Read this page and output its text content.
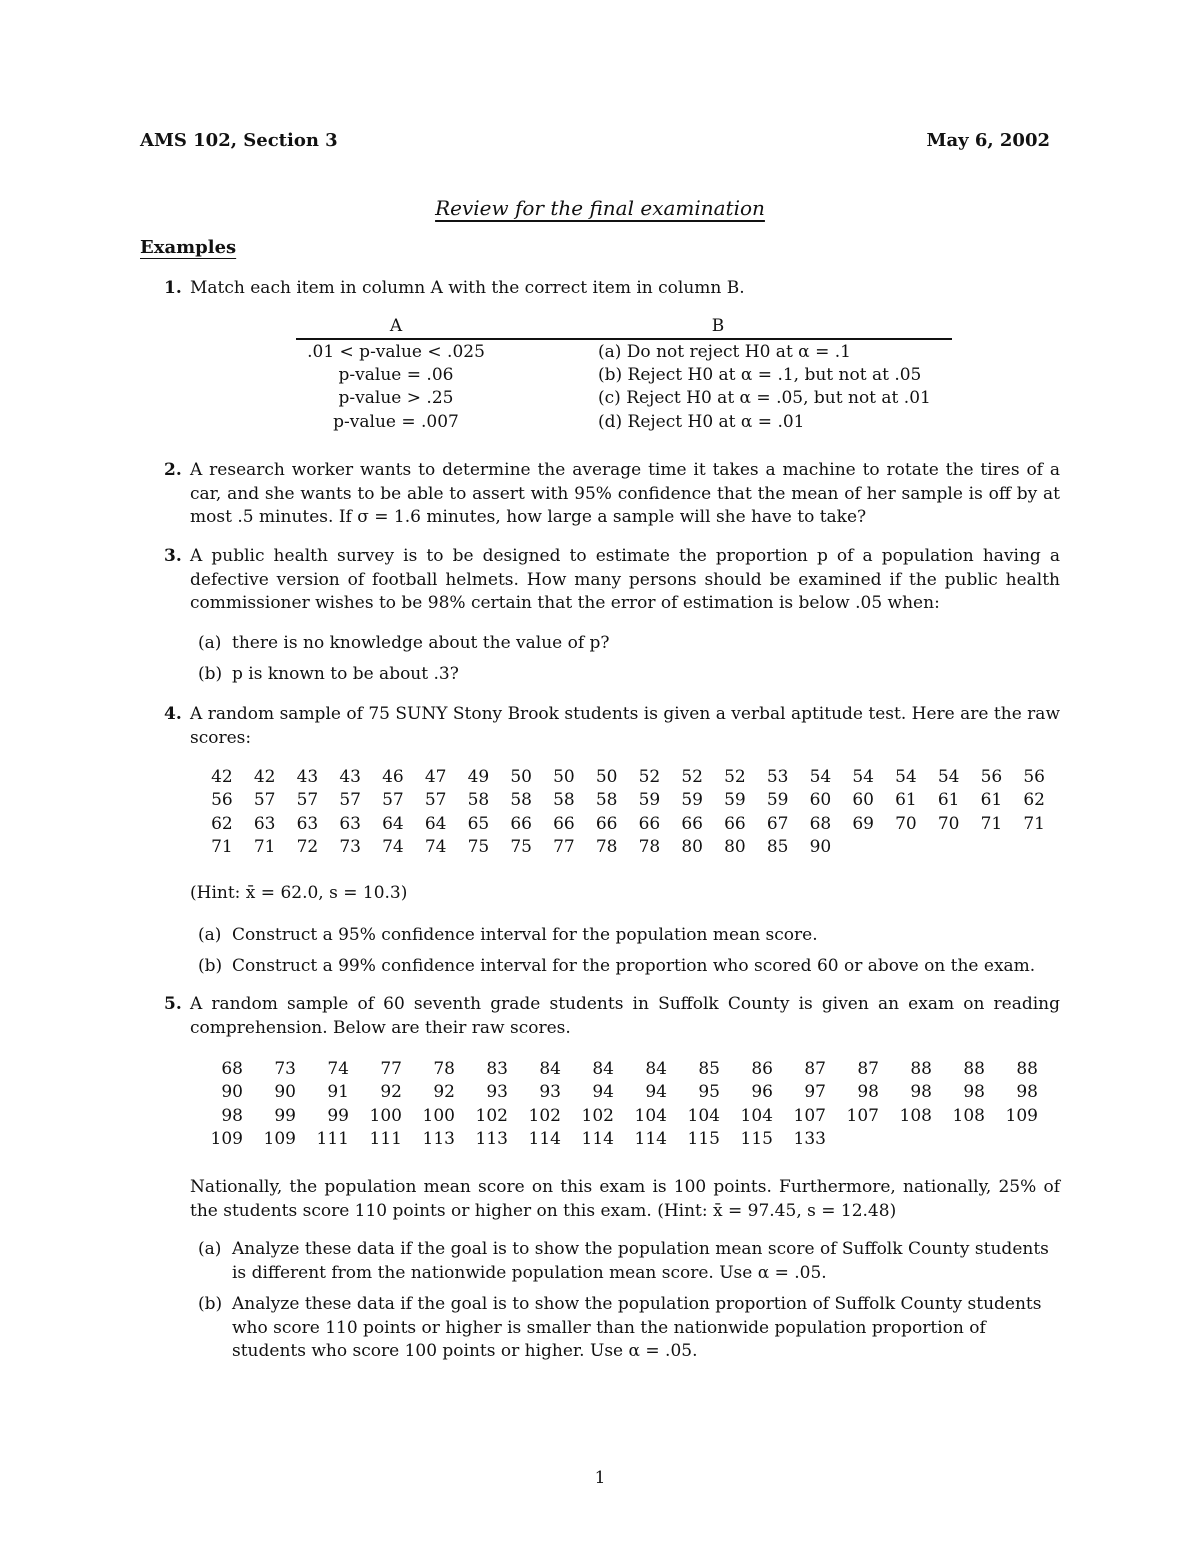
AMS 102, Section 3	May 6, 2002
Review for the final examination
Examples
1. Match each item in column A with the correct item in column B.
A	B
.01 < p-value < .025	(a) Do not reject H0 at α = .1
p-value = .06	(b) Reject H0 at α = .1, but not at .05
p-value > .25	(c) Reject H0 at α = .05, but not at .01
p-value = .007	(d) Reject H0 at α = .01
2. A research worker wants to determine the average time it takes a machine to rotate the tires of a car, and she wants to be able to assert with 95% confidence that the mean of her sample is off by at most .5 minutes. If σ = 1.6 minutes, how large a sample will she have to take?
3. A public health survey is to be designed to estimate the proportion p of a population having a defective version of football helmets. How many persons should be examined if the public health commissioner wishes to be 98% certain that the error of estimation is below .05 when:
(a) there is no knowledge about the value of p?
(b) p is known to be about .3?
4. A random sample of 75 SUNY Stony Brook students is given a verbal aptitude test. Here are the raw scores:
42	42	43	43	46	47	49	50	50	50	52	52	52	53	54	54	54	54	56	56
56	57	57	57	57	57	58	58	58	58	59	59	59	59	60	60	61	61	61	62
62	63	63	63	64	64	65	66	66	66	66	66	66	67	68	69	70	70	71	71
71	71	72	73	74	74	75	75	77	78	78	80	80	85	90					
(Hint: x̄ = 62.0, s = 10.3)
(a) Construct a 95% confidence interval for the population mean score.
(b) Construct a 99% confidence interval for the proportion who scored 60 or above on the exam.
5. A random sample of 60 seventh grade students in Suffolk County is given an exam on reading comprehension. Below are their raw scores.
68	73	74	77	78	83	84	84	84	85	86	87	87	88	88	88
90	90	91	92	92	93	93	94	94	95	96	97	98	98	98	98
98	99	99	100	100	102	102	102	104	104	104	107	107	108	108	109
109	109	111	111	113	113	114	114	114	115	115	133				
Nationally, the population mean score on this exam is 100 points. Furthermore, nationally, 25% of the students score 110 points or higher on this exam. (Hint: x̄ = 97.45, s = 12.48)
(a) Analyze these data if the goal is to show the population mean score of Suffolk County students is different from the nationwide population mean score. Use α = .05.
(b) Analyze these data if the goal is to show the population proportion of Suffolk County students who score 110 points or higher is smaller than the nationwide population proportion of students who score 100 points or higher. Use α = .05.
1
